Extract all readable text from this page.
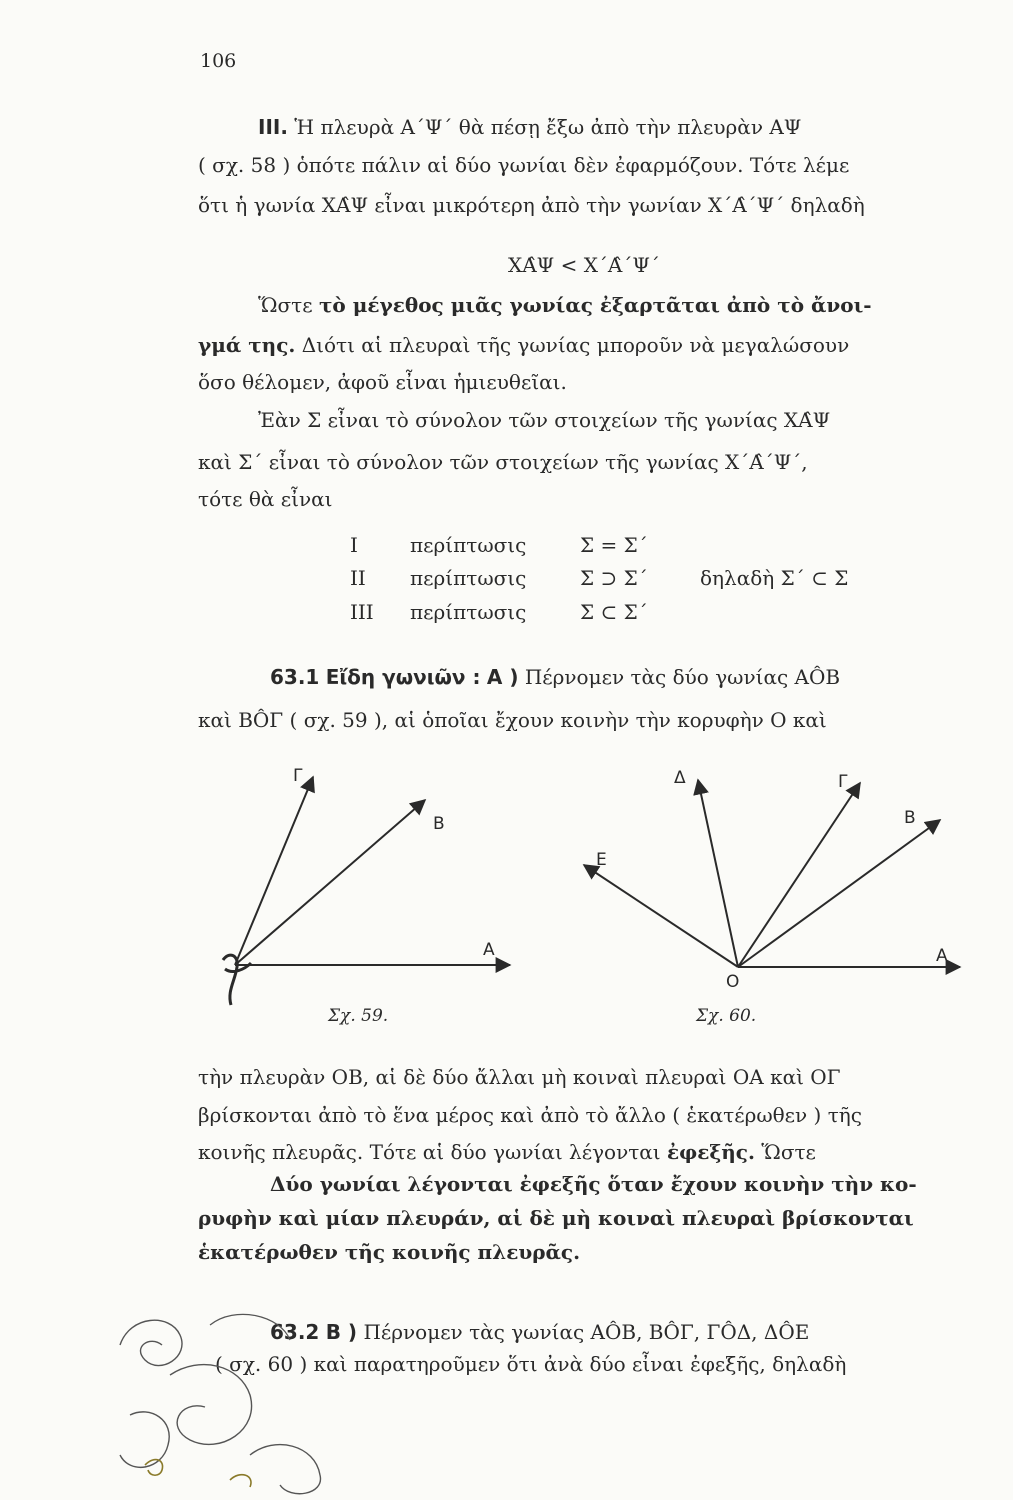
106
III. Ἡ πλευρὰ Α΄Ψ΄ θὰ πέσῃ ἔξω ἀπὸ τὴν πλευρὰν ΑΨ
( σχ. 58 ) ὁπότε πάλιν αἱ δύο γωνίαι δὲν ἐφαρμόζουν. Τότε λέμε
ὅτι ἡ γωνία ΧΑ̂Ψ εἶναι μικρότερη ἀπὸ τὴν γωνίαν Χ΄Α̂΄Ψ΄ δηλαδὴ
ΧΑ̂Ψ < Χ΄Α̂΄Ψ΄
Ὥστε τὸ μέγεθος μιᾶς γωνίας ἐξαρτᾶται ἀπὸ τὸ ἄνοι-
γμά της. Διότι αἱ πλευραὶ τῆς γωνίας μποροῦν νὰ μεγαλώσουν
ὅσο θέλομεν, ἀφοῦ εἶναι ἡμιευθεῖαι.
Ἐὰν Σ εἶναι τὸ σύνολον τῶν στοιχείων τῆς γωνίας ΧΑ̂Ψ
καὶ Σ΄ εἶναι τὸ σύνολον τῶν στοιχείων τῆς γωνίας Χ΄Α̂΄Ψ΄,
τότε θὰ εἶναι
I	περίπτωσις	Σ = Σ΄
II περίπτωσις	Σ ⊃ Σ΄	δηλαδὴ Σ΄ ⊂ Σ
III περίπτωσις	Σ ⊂ Σ΄
63.1 Εἴδη γωνιῶν : Α ) Πέρνομεν τὰς δύο γωνίας ΑÔΒ
καὶ ΒÔΓ ( σχ. 59 ), αἱ ὁποῖαι ἔχουν κοινὴν τὴν κορυφὴν Ο καὶ
Γ
Β
Α
Σχ. 59.
Δ	Γ
Β
Ε
Ο
Α
Σχ. 60.
τὴν πλευρὰν ΟΒ, αἱ δὲ δύο ἄλλαι μὴ κοιναὶ πλευραὶ ΟΑ καὶ ΟΓ
βρίσκονται ἀπὸ τὸ ἕνα μέρος καὶ ἀπὸ τὸ ἄλλο ( ἑκατέρωθεν ) τῆς
κοινῆς πλευρᾶς. Τότε αἱ δύο γωνίαι λέγονται ἐφεξῆς. Ὥστε
Δύο γωνίαι λέγονται ἐφεξῆς ὅταν ἔχουν κοινὴν τὴν κο-
ρυφὴν καὶ μίαν πλευράν, αἱ δὲ μὴ κοιναὶ πλευραὶ βρίσκονται
ἑκατέρωθεν τῆς κοινῆς πλευρᾶς.
63.2 Β ) Πέρνομεν τὰς γωνίας ΑÔΒ, ΒÔΓ, ΓÔΔ, ΔÔΕ
( σχ. 60 ) καὶ παρατηροῦμεν ὅτι ἀνὰ δύο εἶναι ἐφεξῆς, δηλαδὴ
